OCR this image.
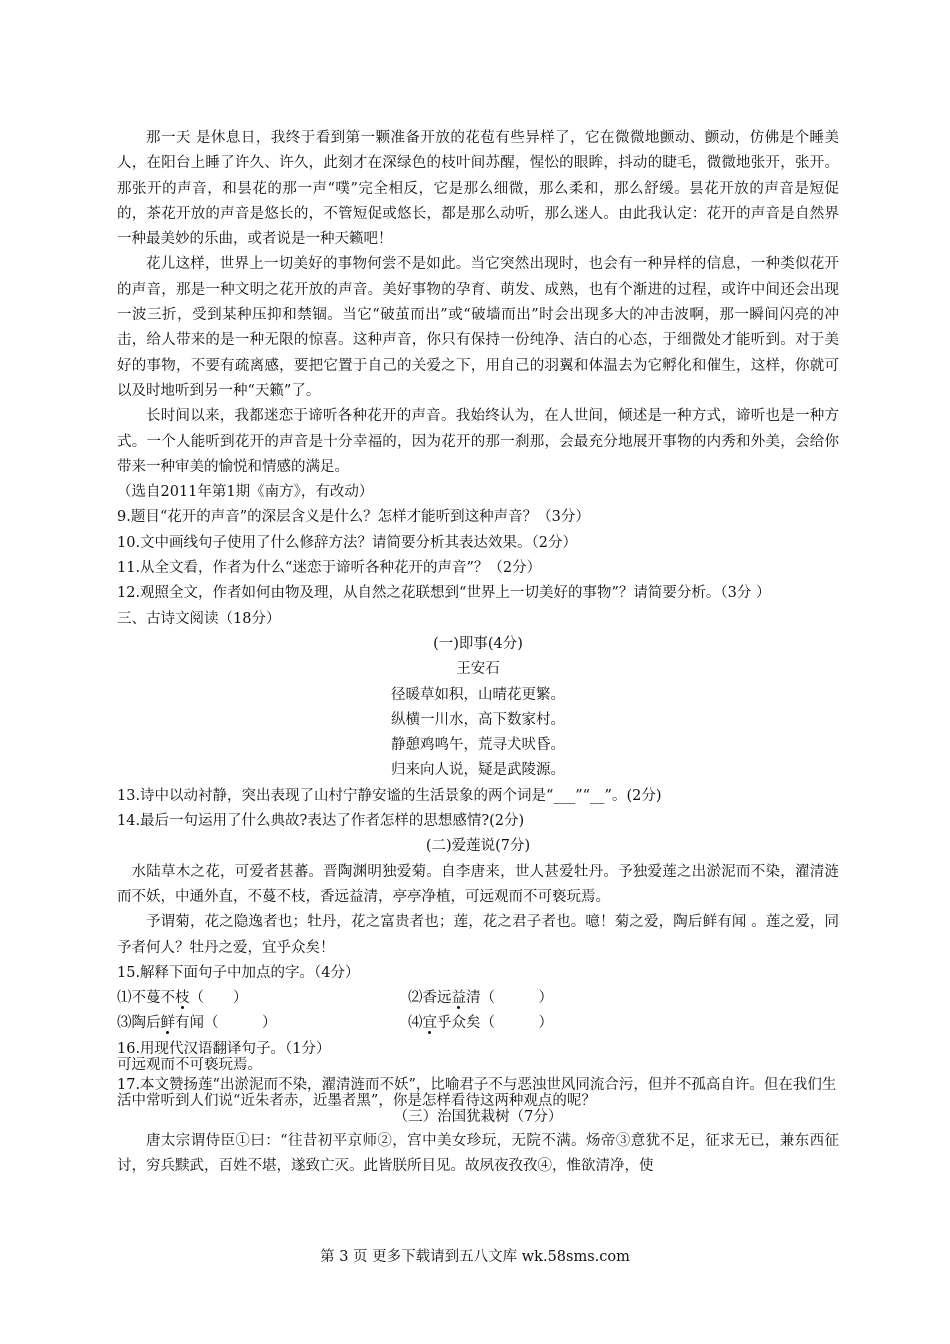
那一天 是休息日，我终于看到第一颗准备开放的花苞有些异样了，它在微微地颤动、颤动，仿佛是个睡美人，在阳台上睡了许久、许久，此刻才在深绿色的枝叶间苏醒，惺忪的眼眸，抖动的睫毛，微微地张开，张开。那张开的声音，和昙花的那一声“噗”完全相反，它是那么细微，那么柔和，那么舒缓。昙花开放的声音是短促的，茶花开放的声音是悠长的，不管短促或悠长，都是那么动听，那么迷人。由此我认定：花开的声音是自然界一种最美妙的乐曲，或者说是一种天籁吧！

花儿这样，世界上一切美好的事物何尝不是如此。当它突然出现时，也会有一种异样的信息，一种类似花开的声音，那是一种文明之花开放的声音。美好事物的孕育、萌发、成熟，也有个渐进的过程，或许中间还会出现一波三折，受到某种压抑和禁锢。当它“破茧而出”或“破墙而出”时会出现多大的冲击波啊，那一瞬间闪亮的冲击，给人带来的是一种无限的惊喜。这种声音，你只有保持一份纯净、洁白的心态，于细微处才能听到。对于美好的事物，不要有疏离感，要把它置于自己的关爱之下，用自己的羽翼和体温去为它孵化和催生，这样，你就可以及时地听到另一种“天籁”了。

长时间以来，我都迷恋于谛听各种花开的声音。我始终认为，在人世间，倾述是一种方式，谛听也是一种方式。一个人能听到花开的声音是十分幸福的，因为花开的那一刹那，会最充分地展开事物的内秀和外美，会给你带来一种审美的愉悦和情感的满足。

（选自2011年第1期《南方》，有改动）

9.题目“花开的声音”的深层含义是什么？怎样才能听到这种声音？（3分）

10.文中画线句子使用了什么修辞方法？请简要分析其表达效果。（2分）

11.从全文看，作者为什么“迷恋于谛听各种花开的声音”？（2分）

12.观照全文，作者如何由物及理，从自然之花联想到“世界上一切美好的事物”？请简要分析。（3分 ）

三、古诗文阅读（18分）

(一)即事(4分)

王安石

径暖草如积，山晴花更繁。

纵横一川水，高下数家村。

静憩鸡鸣午，荒寻犬吠昏。

归来向人说，疑是武陵源。

13.诗中以动衬静，突出表现了山村宁静安谧的生活景象的两个词是“___”“__”。(2分)

14.最后一句运用了什么典故?表达了作者怎样的思想感情?(2分)

(二)爱莲说(7分)

水陆草木之花，可爱者甚蕃。晋陶渊明独爱菊。自李唐来，世人甚爱牡丹。予独爱莲之出淤泥而不染，濯清涟而不妖，中通外直，不蔓不枝，香远益清，亭亭净植，可远观而不可亵玩焉。

予谓菊，花之隐逸者也；牡丹，花之富贵者也；莲，花之君子者也。噫！菊之爱，陶后鲜有闻 。莲之爱，同予者何人？牡丹之爱，宜乎众矣！

15.解释下面句子中加点的字。（4分）

⑴不蔓不枝（　　）	⑵香远益清（　　　）
⑶陶后鲜有闻（　　　）	⑷宜乎众矣（　　　）

16.用现代汉语翻译句子。（1分）

可远观而不可亵玩焉。

17.本文赞扬莲“出淤泥而不染，濯清涟而不妖”，比喻君子不与恶浊世风同流合污，但并不孤高自许。但在我们生活中常听到人们说“近朱者赤，近墨者黑”，你是怎样看待这两种观点的呢？

（三）治国犹栽树（7分）

唐太宗谓侍臣①曰：“往昔初平京师②，宫中美女珍玩，无院不满。炀帝③意犹不足，征求无已，兼东西征讨，穷兵黩武，百姓不堪，遂致亡灭。此皆朕所目见。故夙夜孜孜④，惟欲清净，使

第 3 页 更多下载请到五八文库 wk.58sms.com
